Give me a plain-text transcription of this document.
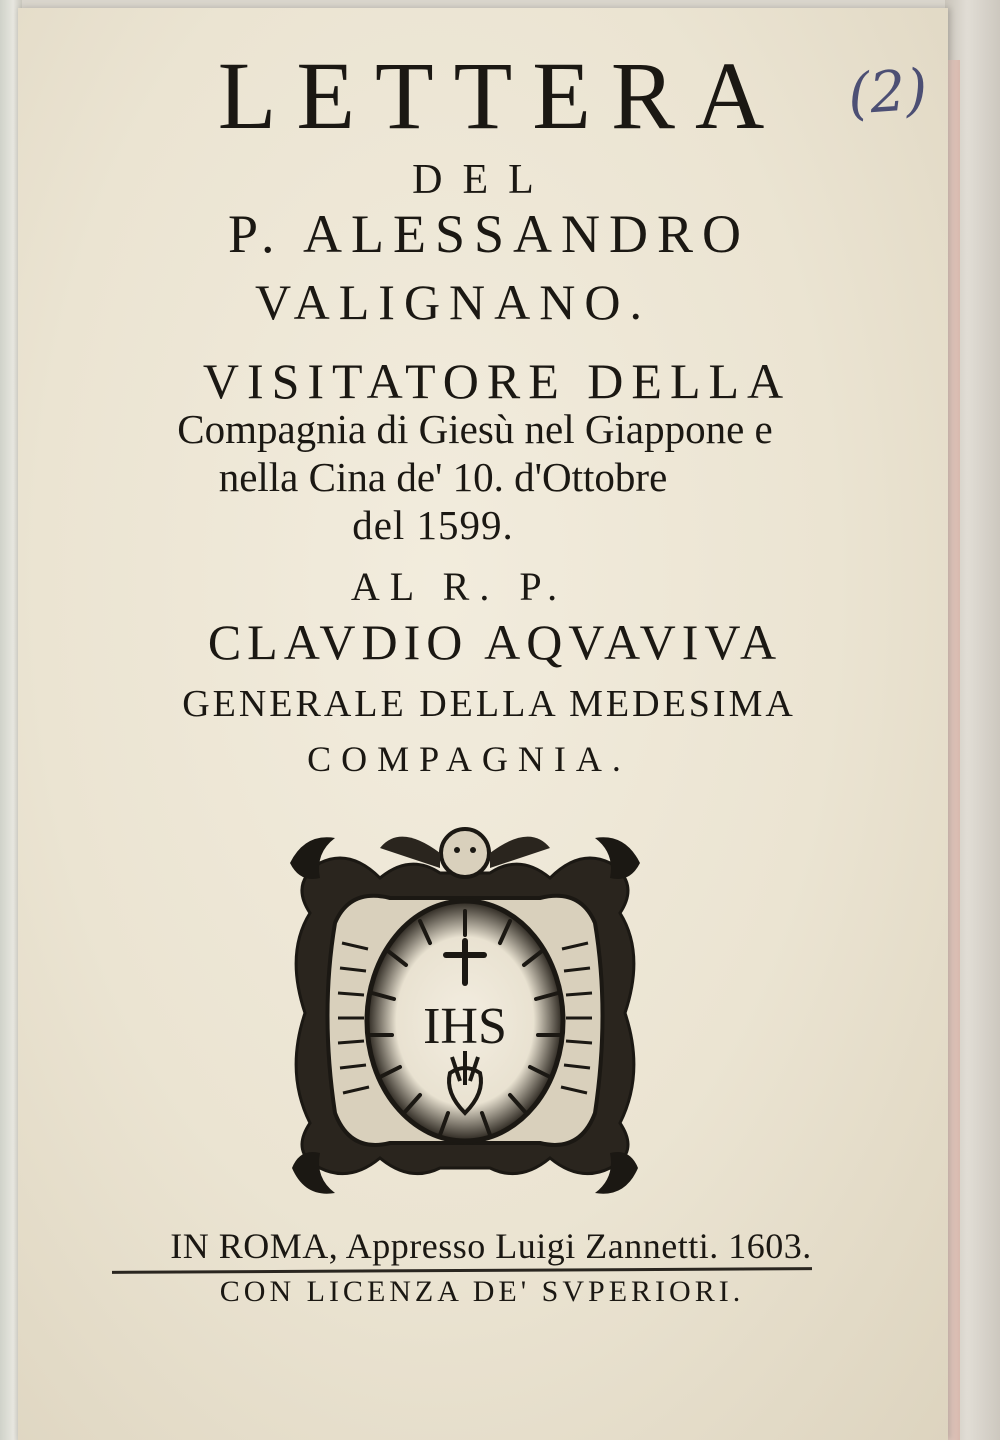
LETTERA	(2)
DEL
P. ALESSANDRO
VALIGNANO.
VISITATORE DELLA
Compagnia di Giesù nel Giappone e
nella Cina de' 10. d'Ottobre
del 1599.
AL R. P.
CLAVDIO AQVAVIVA
GENERALE DELLA MEDESIMA
COMPAGNIA.
IHS
IN ROMA, Appresso Luigi Zannetti. 1603.
CON LICENZA DE' SVPERIORI.
